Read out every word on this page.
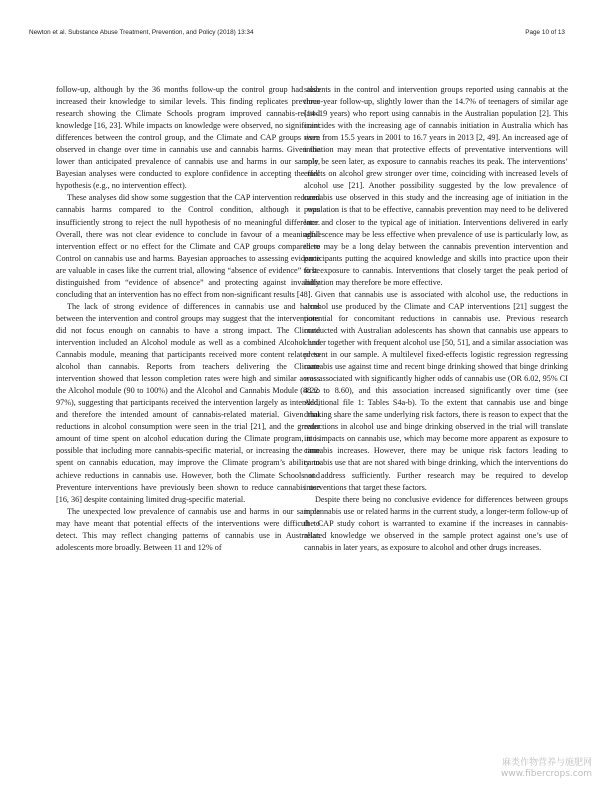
Newton et al. Substance Abuse Treatment, Prevention, and Policy (2018) 13:34	Page 10 of 13

follow-up, although by the 36 months follow-up the control group had also increased their knowledge to similar levels. This finding replicates previous research showing the Climate Schools program improved cannabis-related knowledge [16, 23]. While impacts on knowledge were observed, no significant differences between the control group, and the Climate and CAP groups were observed in change over time in cannabis use and cannabis harms. Given the lower than anticipated prevalence of cannabis use and harms in our sample, Bayesian analyses were conducted to explore confidence in accepting the null hypothesis (e.g., no intervention effect).

These analyses did show some suggestion that the CAP intervention reduced cannabis harms compared to the Control condition, although it was insufficiently strong to reject the null hypothesis of no meaningful difference. Overall, there was not clear evidence to conclude in favour of a meaningful intervention effect or no effect for the Climate and CAP groups compared to Control on cannabis use and harms. Bayesian approaches to assessing evidence are valuable in cases like the current trial, allowing “absence of evidence” to be distinguished from “evidence of absence” and protecting against invalidly concluding that an intervention has no effect from non-significant results [48].

The lack of strong evidence of differences in cannabis use and harms between the intervention and control groups may suggest that the interventions did not focus enough on cannabis to have a strong impact. The Climate intervention included an Alcohol module as well as a combined Alcohol and Cannabis module, meaning that participants received more content related to alcohol than cannabis. Reports from teachers delivering the Climate intervention showed that lesson completion rates were high and similar across the Alcohol module (90 to 100%) and the Alcohol and Cannabis Module (88 to 97%), suggesting that participants received the intervention largely as intended, and therefore the intended amount of cannabis-related material. Given that reductions in alcohol consumption were seen in the trial [21], and the greater amount of time spent on alcohol education during the Climate program, it is possible that including more cannabis-specific material, or increasing the time spent on cannabis education, may improve the Climate program’s ability to achieve reductions in cannabis use. However, both the Climate Schools and Preventure interventions have previously been shown to reduce cannabis use [16, 36] despite containing limited drug-specific material.

The unexpected low prevalence of cannabis use and harms in our sample may have meant that potential effects of the interventions were difficult to detect. This may reflect changing patterns of cannabis use in Australian adolescents more broadly. Between 11 and 12% of

students in the control and intervention groups reported using cannabis at the three-year follow-up, slightly lower than the 14.7% of teenagers of similar age (14–19 years) who report using cannabis in the Australian population [2]. This coincides with the increasing age of cannabis initiation in Australia which has risen from 15.5 years in 2001 to 16.7 years in 2013 [2, 49]. An increased age of initiation may mean that protective effects of preventative interventions will only be seen later, as exposure to cannabis reaches its peak. The interventions’ effects on alcohol grew stronger over time, coinciding with increased levels of alcohol use [21]. Another possibility suggested by the low prevalence of cannabis use observed in this study and the increasing age of initiation in the population is that to be effective, cannabis prevention may need to be delivered later and closer to the typical age of initiation. Interventions delivered in early adolescence may be less effective when prevalence of use is particularly low, as there may be a long delay between the cannabis prevention intervention and participants putting the acquired knowledge and skills into practice upon their first exposure to cannabis. Interventions that closely target the peak period of initiation may therefore be more effective.

Given that cannabis use is associated with alcohol use, the reductions in alcohol use produced by the Climate and CAP interventions [21] suggest the potential for concomitant reductions in cannabis use. Previous research conducted with Australian adolescents has shown that cannabis use appears to cluster together with frequent alcohol use [50, 51], and a similar association was present in our sample. A multilevel fixed-effects logistic regression regressing cannabis use against time and recent binge drinking showed that binge drinking was associated with significantly higher odds of cannabis use (OR 6.02, 95% CI 4.22 to 8.60), and this association increased significantly over time (see Additional file 1: Tables S4a-b). To the extent that cannabis use and binge drinking share the same underlying risk factors, there is reason to expect that the reductions in alcohol use and binge drinking observed in the trial will translate into impacts on cannabis use, which may become more apparent as exposure to cannabis increases. However, there may be unique risk factors leading to cannabis use that are not shared with binge drinking, which the interventions do not address sufficiently. Further research may be required to develop interventions that target these factors.

Despite there being no conclusive evidence for differences between groups in cannabis use or related harms in the current study, a longer-term follow-up of the CAP study cohort is warranted to examine if the increases in cannabis-related knowledge we observed in the sample protect against one’s use of cannabis in later years, as exposure to alcohol and other drugs increases.

麻类作物营养与施肥网
www.fibercrops.com
